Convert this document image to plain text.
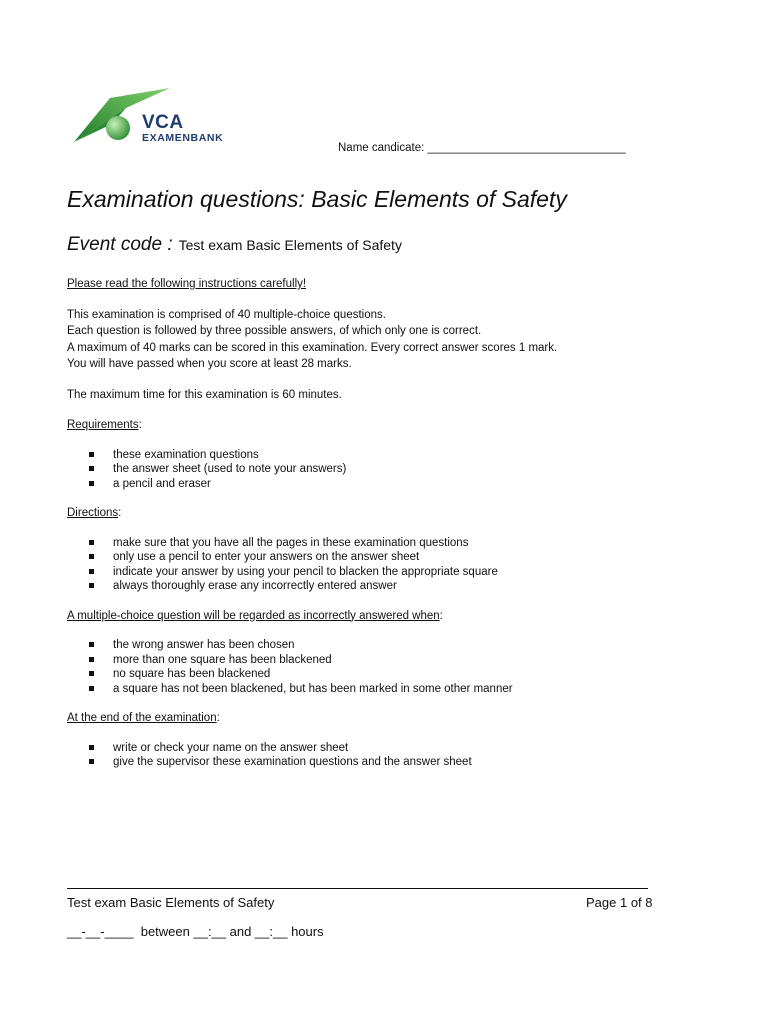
VCA
EXAMENBANK
Name candicate: _______________________________
Examination questions: Basic Elements of Safety
Event code : Test exam Basic Elements of Safety

Please read the following instructions carefully!

This examination is comprised of 40 multiple-choice questions.

Each question is followed by three possible answers, of which only one is correct.

A maximum of 40 marks can be scored in this examination. Every correct answer scores 1 mark.

You will have passed when you score at least 28 marks.

The maximum time for this examination is 60 minutes.

Requirements:

these examination questions
the answer sheet (used to note your answers)
a pencil and eraser

Directions:

make sure that you have all the pages in these examination questions
only use a pencil to enter your answers on the answer sheet
indicate your answer by using your pencil to blacken the appropriate square
always thoroughly erase any incorrectly entered answer

A multiple-choice question will be regarded as incorrectly answered when:

the wrong answer has been chosen
more than one square has been blackened
no square has been blackened
a square has not been blackened, but has been marked in some other manner

At the end of the examination:

write or check your name on the answer sheet
give the supervisor these examination questions and the answer sheet
Test exam Basic Elements of Safety	Page 1 of 8
__-__-____  between __:__ and __:__ hours
